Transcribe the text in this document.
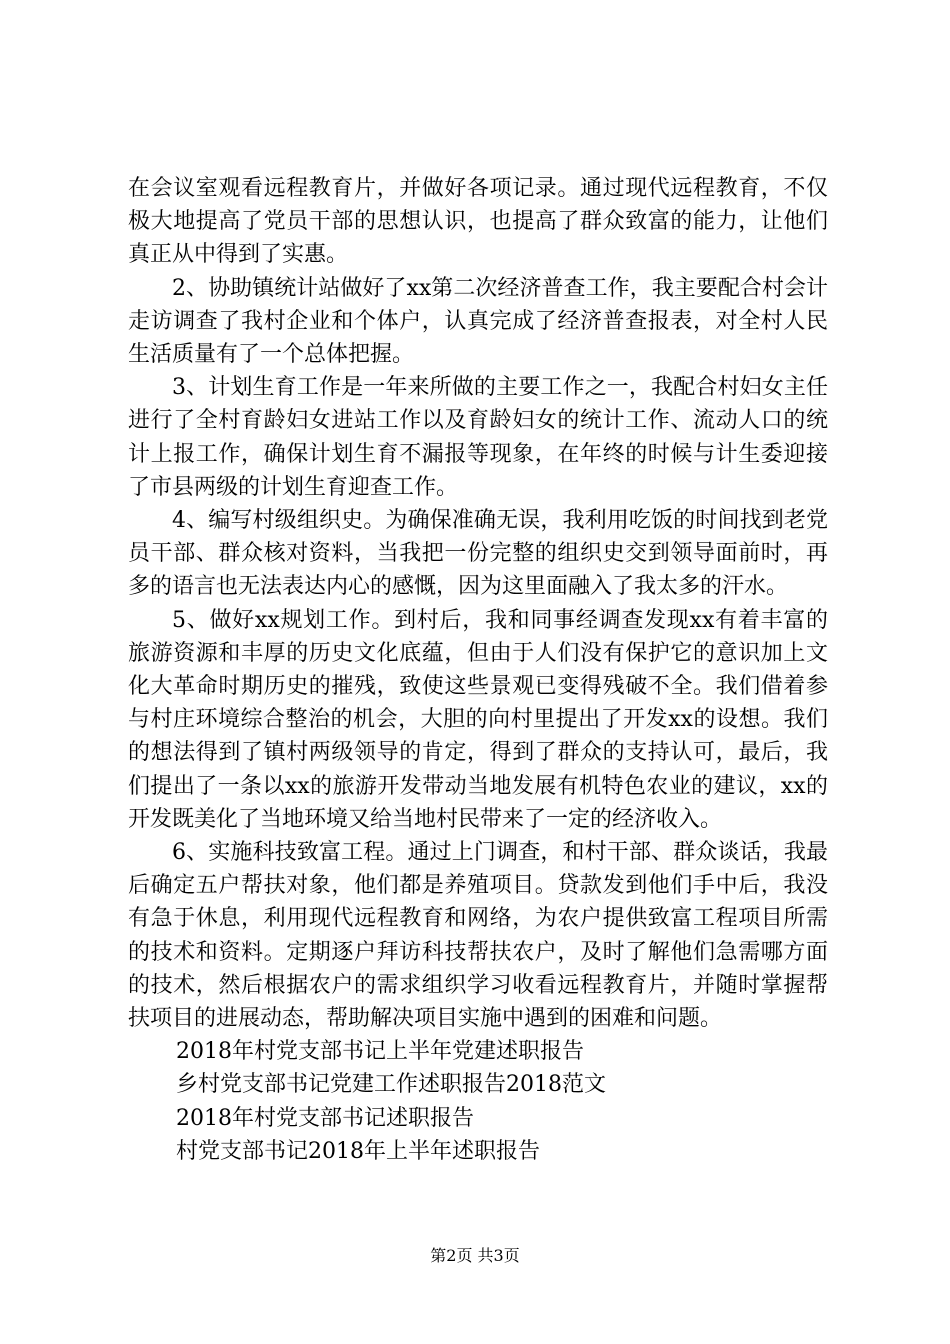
在会议室观看远程教育片，并做好各项记录。通过现代远程教育，不仅极大地提高了党员干部的思想认识，也提高了群众致富的能力，让他们真正从中得到了实惠。

2、协助镇统计站做好了xx第二次经济普查工作，我主要配合村会计走访调查了我村企业和个体户，认真完成了经济普查报表，对全村人民生活质量有了一个总体把握。

3、计划生育工作是一年来所做的主要工作之一，我配合村妇女主任进行了全村育龄妇女进站工作以及育龄妇女的统计工作、流动人口的统计上报工作，确保计划生育不漏报等现象，在年终的时候与计生委迎接了市县两级的计划生育迎查工作。

4、编写村级组织史。为确保准确无误，我利用吃饭的时间找到老党员干部、群众核对资料，当我把一份完整的组织史交到领导面前时，再多的语言也无法表达内心的感慨，因为这里面融入了我太多的汗水。

5、做好xx规划工作。到村后，我和同事经调查发现xx有着丰富的旅游资源和丰厚的历史文化底蕴，但由于人们没有保护它的意识加上文化大革命时期历史的摧残，致使这些景观已变得残破不全。我们借着参与村庄环境综合整治的机会，大胆的向村里提出了开发xx的设想。我们的想法得到了镇村两级领导的肯定，得到了群众的支持认可，最后，我们提出了一条以xx的旅游开发带动当地发展有机特色农业的建议，xx的开发既美化了当地环境又给当地村民带来了一定的经济收入。

6、实施科技致富工程。通过上门调查，和村干部、群众谈话，我最后确定五户帮扶对象，他们都是养殖项目。贷款发到他们手中后，我没有急于休息，利用现代远程教育和网络，为农户提供致富工程项目所需的技术和资料。定期逐户拜访科技帮扶农户，及时了解他们急需哪方面的技术，然后根据农户的需求组织学习收看远程教育片，并随时掌握帮扶项目的进展动态，帮助解决项目实施中遇到的困难和问题。

2018年村党支部书记上半年党建述职报告
乡村党支部书记党建工作述职报告2018范文
2018年村党支部书记述职报告
村党支部书记2018年上半年述职报告
第2页 共3页
